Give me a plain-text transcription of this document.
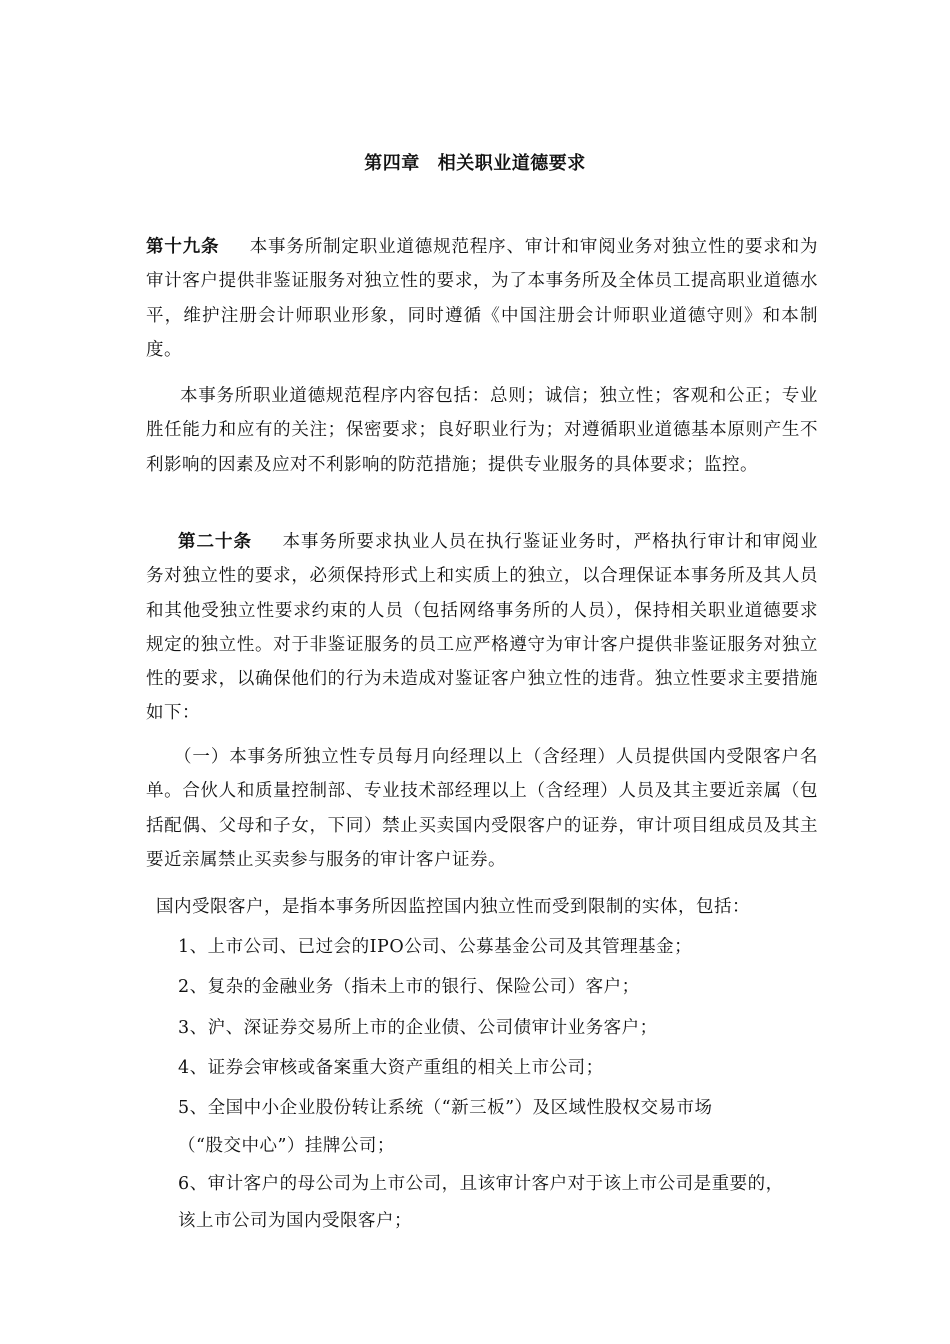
第四章 相关职业道德要求
第十九条 本事务所制定职业道德规范程序、审计和审阅业务对独立性的要求和为审计客户提供非鉴证服务对独立性的要求，为了本事务所及全体员工提高职业道德水平，维护注册会计师职业形象，同时遵循《中国注册会计师职业道德守则》和本制度。
本事务所职业道德规范程序内容包括：总则；诚信；独立性；客观和公正；专业胜任能力和应有的关注；保密要求；良好职业行为；对遵循职业道德基本原则产生不利影响的因素及应对不利影响的防范措施；提供专业服务的具体要求；监控。
第二十条 本事务所要求执业人员在执行鉴证业务时，严格执行审计和审阅业务对独立性的要求，必须保持形式上和实质上的独立，以合理保证本事务所及其人员和其他受独立性要求约束的人员（包括网络事务所的人员），保持相关职业道德要求规定的独立性。对于非鉴证服务的员工应严格遵守为审计客户提供非鉴证服务对独立性的要求，以确保他们的行为未造成对鉴证客户独立性的违背。独立性要求主要措施如下：
（一）本事务所独立性专员每月向经理以上（含经理）人员提供国内受限客户名单。合伙人和质量控制部、专业技术部经理以上（含经理）人员及其主要近亲属（包括配偶、父母和子女，下同）禁止买卖国内受限客户的证券，审计项目组成员及其主要近亲属禁止买卖参与服务的审计客户证券。
国内受限客户，是指本事务所因监控国内独立性而受到限制的实体，包括：
1、上市公司、已过会的IPO公司、公募基金公司及其管理基金；
2、复杂的金融业务（指未上市的银行、保险公司）客户；
3、沪、深证券交易所上市的企业债、公司债审计业务客户；
4、证券会审核或备案重大资产重组的相关上市公司；
5、全国中小企业股份转让系统（“新三板”）及区域性股权交易市场
（“股交中心”）挂牌公司；
6、审计客户的母公司为上市公司，且该审计客户对于该上市公司是重要的，
该上市公司为国内受限客户；
